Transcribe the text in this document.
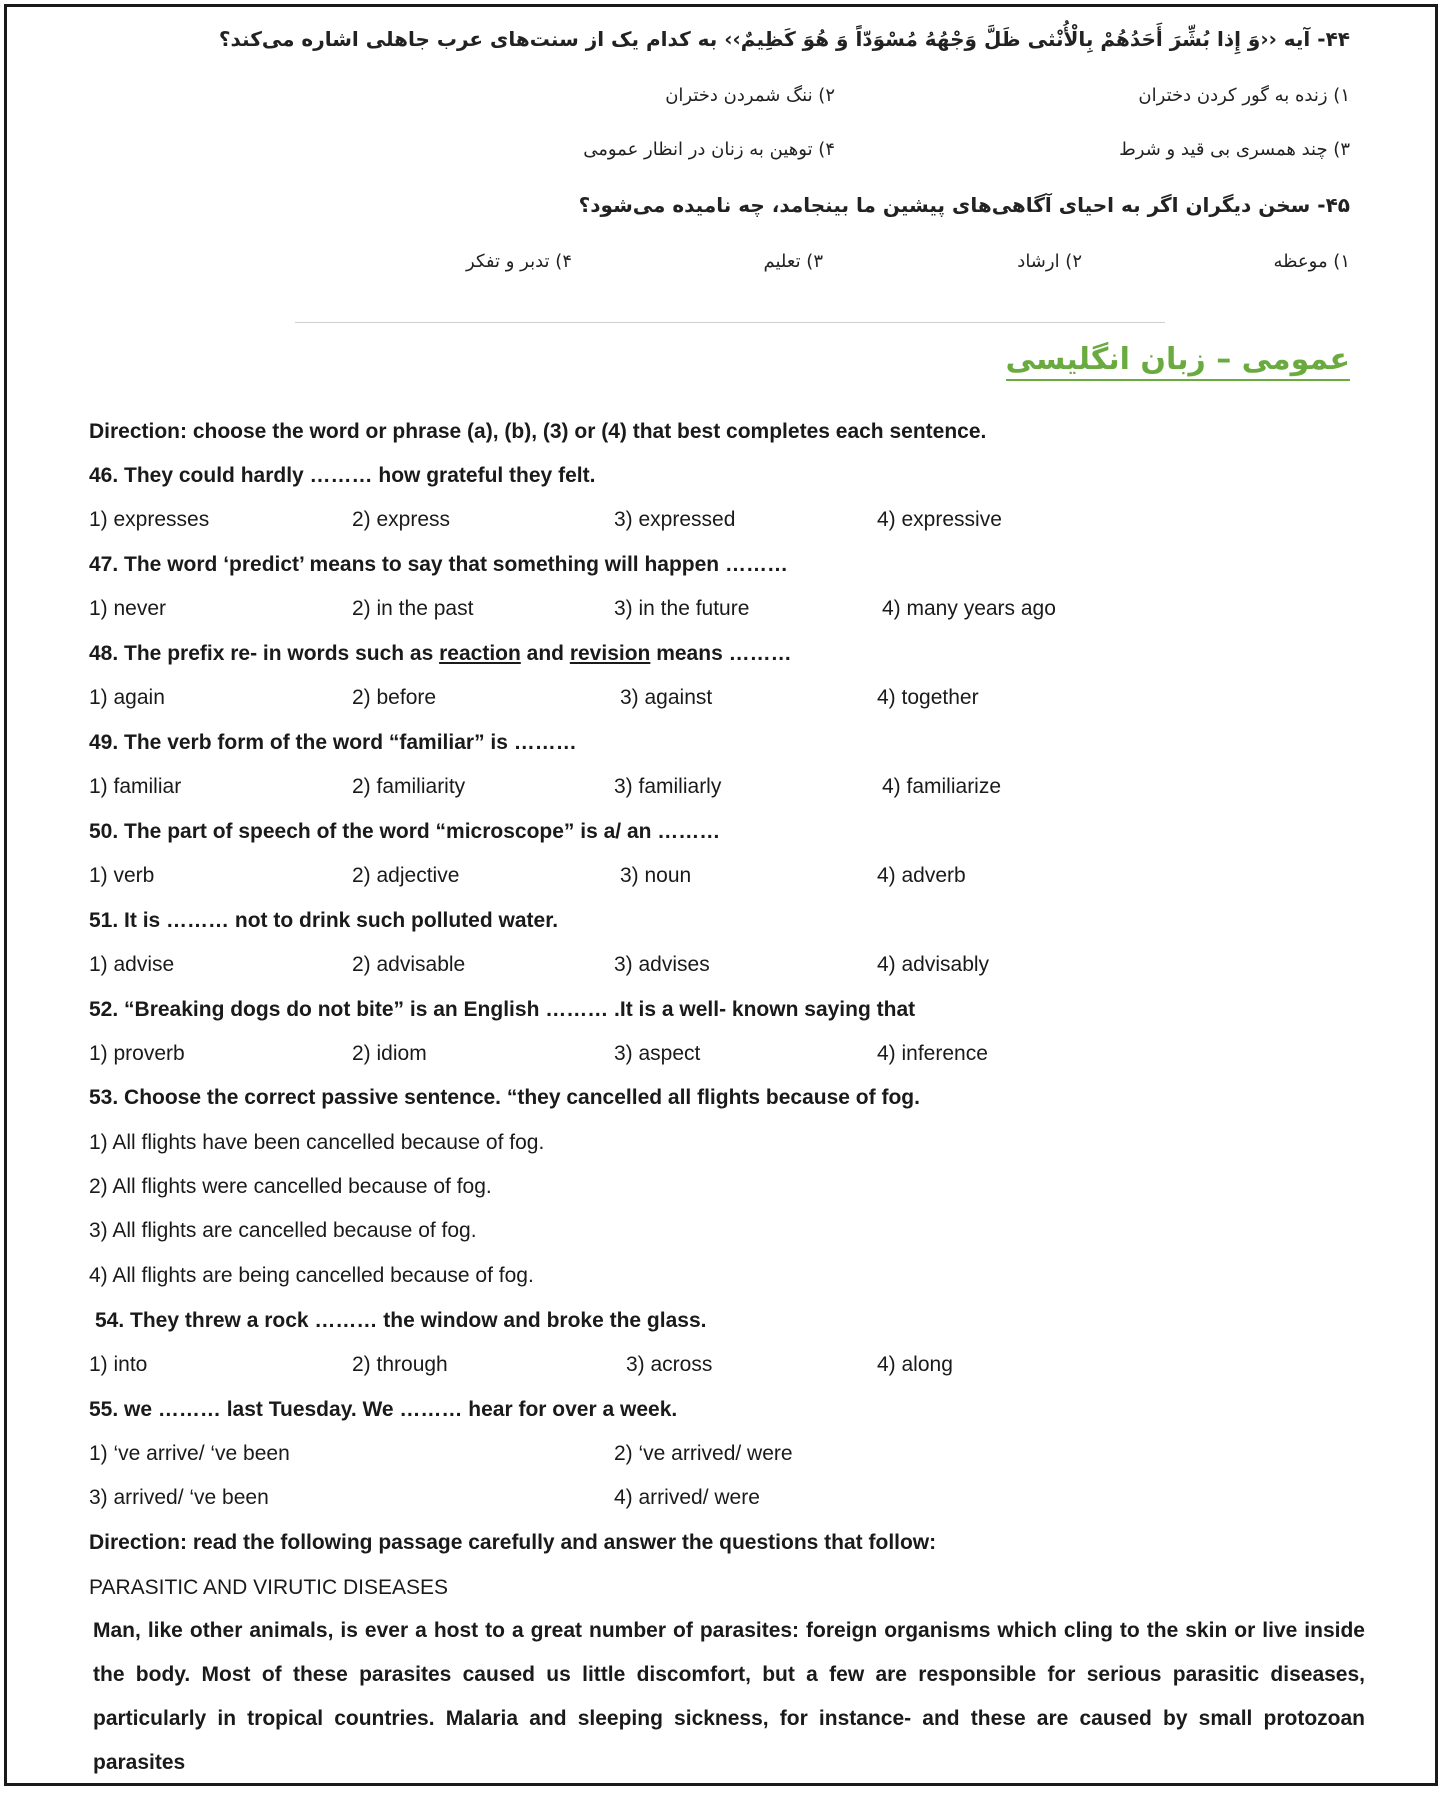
۴۴- آیه ‹‹وَ إِذا بُشِّرَ أَحَدُهُمْ بِالْأُنْثی ظَلَّ وَجْهُهُ مُسْوَدّاً وَ هُوَ كَظِيمٌ›› به کدام یک از سنت‌های عرب جاهلی اشاره می‌کند؟
۱) زنده به گور کردن دختران
۲) ننگ شمردن دختران
۳) چند همسری بی قید و شرط
۴) توهین به زنان در انظار عمومی
۴۵- سخن دیگران اگر به احیای آگاهی‌های پیشین ما بینجامد، چه نامیده می‌شود؟
۱) موعظه
۲) ارشاد
۳) تعلیم
۴) تدبر و تفکر
عمومی – زبان انگلیسی
Direction: choose the word or phrase (a), (b), (3) or (4) that best completes each sentence.
46. They could hardly ……… how grateful they felt.
1) expresses	2) express	3) expressed	4) expressive
47. The word ‘predict’ means to say that something will happen ………
1) never	2) in the past	3) in the future	4) many years ago
48. The prefix re- in words such as reaction and revision means ………
1) again	2) before	3) against	4) together
49. The verb form of the word “familiar” is ………
1) familiar	2) familiarity	3) familiarly	4) familiarize
50. The part of speech of the word “microscope” is a/ an ………
1) verb	2) adjective	3) noun	4) adverb
51. It is ……… not to drink such polluted water.
1) advise	2) advisable	3) advises	4) advisably
52. “Breaking dogs do not bite” is an English ……… .It is a well- known saying that
1) proverb	2) idiom	3) aspect	4) inference
53. Choose the correct passive sentence. “they cancelled all flights because of fog.
1) All flights have been cancelled because of fog.
2) All flights were cancelled because of fog.
3) All flights are cancelled because of fog.
4) All flights are being cancelled because of fog.
54. They threw a rock ……… the window and broke the glass.
1) into	2) through	3) across	4) along
55. we ……… last Tuesday. We ……… hear for over a week.
1) ‘ve arrive/ ‘ve been	2) ‘ve arrived/ were
3) arrived/ ‘ve been	4) arrived/ were
Direction: read the following passage carefully and answer the questions that follow:
PARASITIC AND VIRUTIC DISEASES
Man, like other animals, is ever a host to a great number of parasites: foreign organisms which cling to the skin or live inside the body. Most of these parasites caused us little discomfort, but a few are responsible for serious parasitic diseases, particularly in tropical countries. Malaria and sleeping sickness, for instance- and these are caused by small protozoan parasites
